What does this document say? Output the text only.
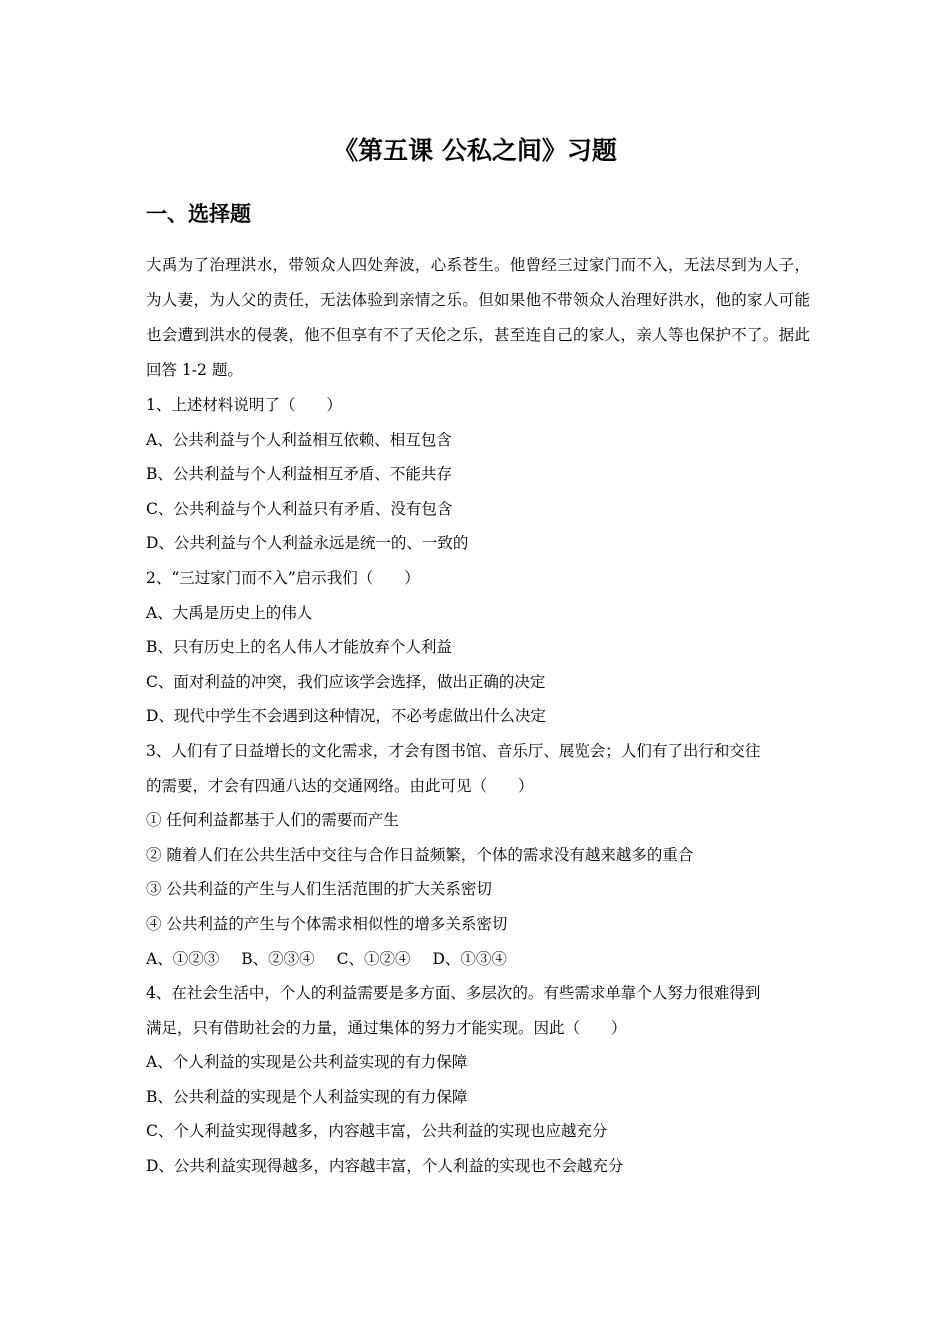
《第五课 公私之间》习题
一、选择题

大禹为了治理洪水，带领众人四处奔波，心系苍生。他曾经三过家门而不入，无法尽到为人子，为人妻，为人父的责任，无法体验到亲情之乐。但如果他不带领众人治理好洪水，他的家人可能也会遭到洪水的侵袭，他不但享有不了天伦之乐，甚至连自己的家人，亲人等也保护不了。据此回答 1-2 题。

1、上述材料说明了（　　）

A、公共利益与个人利益相互依赖、相互包含

B、公共利益与个人利益相互矛盾、不能共存

C、公共利益与个人利益只有矛盾、没有包含

D、公共利益与个人利益永远是统一的、一致的

2、“三过家门而不入”启示我们（　　）

A、大禹是历史上的伟人

B、只有历史上的名人伟人才能放弃个人利益

C、面对利益的冲突，我们应该学会选择，做出正确的决定

D、现代中学生不会遇到这种情况，不必考虑做出什么决定

3、人们有了日益增长的文化需求，才会有图书馆、音乐厅、展览会；人们有了出行和交往

的需要，才会有四通八达的交通网络。由此可见（　　）

① 任何利益都基于人们的需要而产生

② 随着人们在公共生活中交往与合作日益频繁，个体的需求没有越来越多的重合

③ 公共利益的产生与人们生活范围的扩大关系密切

④ 公共利益的产生与个体需求相似性的增多关系密切

A、①②③ B、②③④ C、①②④ D、①③④

4、在社会生活中，个人的利益需要是多方面、多层次的。有些需求单靠个人努力很难得到

满足，只有借助社会的力量，通过集体的努力才能实现。因此（　　）

A、个人利益的实现是公共利益实现的有力保障

B、公共利益的实现是个人利益实现的有力保障

C、个人利益实现得越多，内容越丰富，公共利益的实现也应越充分

D、公共利益实现得越多，内容越丰富，个人利益的实现也不会越充分
